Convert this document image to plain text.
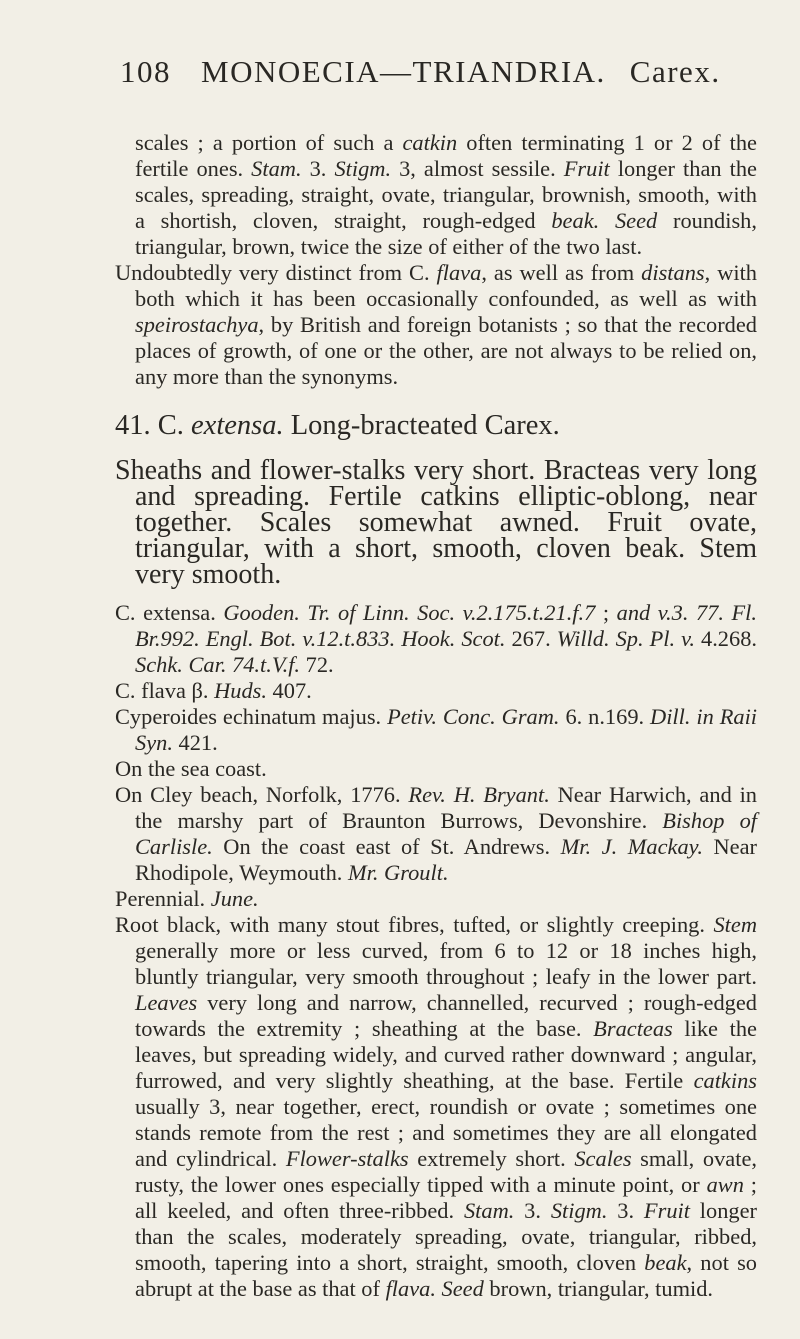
108 MONOECIA—TRIANDRIA. Carex.

scales ; a portion of such a catkin often terminating 1 or 2 of the fertile ones. Stam. 3. Stigm. 3, almost sessile. Fruit longer than the scales, spreading, straight, ovate, triangular, brownish, smooth, with a shortish, cloven, straight, rough-edged beak. Seed roundish, triangular, brown, twice the size of either of the two last.

Undoubtedly very distinct from C. flava, as well as from distans, with both which it has been occasionally confounded, as well as with speirostachya, by British and foreign botanists ; so that the recorded places of growth, of one or the other, are not always to be relied on, any more than the synonyms.

41. C. extensa. Long-bracteated Carex.

Sheaths and flower-stalks very short. Bracteas very long and spreading. Fertile catkins elliptic-oblong, near together. Scales somewhat awned. Fruit ovate, triangular, with a short, smooth, cloven beak. Stem very smooth.

C. extensa. Gooden. Tr. of Linn. Soc. v.2.175.t.21.f.7 ; and v.3. 77. Fl. Br.992. Engl. Bot. v.12.t.833. Hook. Scot. 267. Willd. Sp. Pl. v. 4.268. Schk. Car. 74.t.V.f. 72.

C. flava β. Huds. 407.

Cyperoides echinatum majus. Petiv. Conc. Gram. 6. n.169. Dill. in Raii Syn. 421.

On the sea coast.

On Cley beach, Norfolk, 1776. Rev. H. Bryant. Near Harwich, and in the marshy part of Braunton Burrows, Devonshire. Bishop of Carlisle. On the coast east of St. Andrews. Mr. J. Mackay. Near Rhodipole, Weymouth. Mr. Groult.

Perennial. June.

Root black, with many stout fibres, tufted, or slightly creeping. Stem generally more or less curved, from 6 to 12 or 18 inches high, bluntly triangular, very smooth throughout ; leafy in the lower part. Leaves very long and narrow, channelled, recurved ; rough-edged towards the extremity ; sheathing at the base. Bracteas like the leaves, but spreading widely, and curved rather downward ; angular, furrowed, and very slightly sheathing, at the base. Fertile catkins usually 3, near together, erect, roundish or ovate ; sometimes one stands remote from the rest ; and sometimes they are all elongated and cylindrical. Flower-stalks extremely short. Scales small, ovate, rusty, the lower ones especially tipped with a minute point, or awn ; all keeled, and often three-ribbed. Stam. 3. Stigm. 3. Fruit longer than the scales, moderately spreading, ovate, triangular, ribbed, smooth, tapering into a short, straight, smooth, cloven beak, not so abrupt at the base as that of flava. Seed brown, triangular, tumid.
